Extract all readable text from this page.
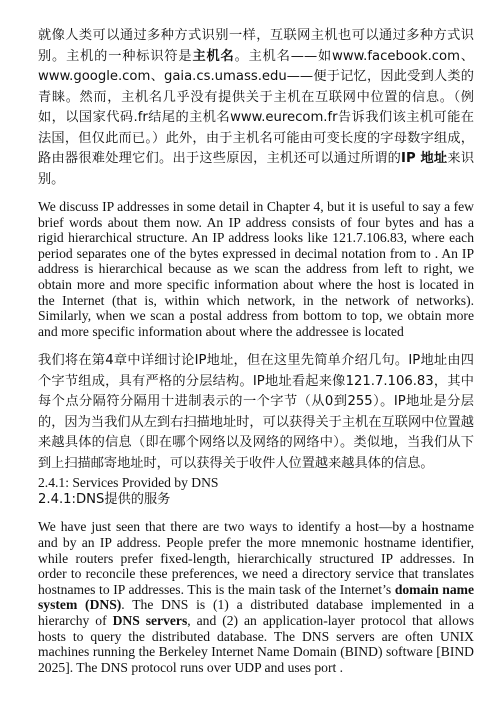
就像人类可以通过多种方式识别一样，互联网主机也可以通过多种方式识别。主机的一种标识符是主机名。主机名——如www.facebook.com、www.google.com、gaia.cs.umass.edu——便于记忆，因此受到人类的青睐。然而，主机名几乎没有提供关于主机在互联网中位置的信息。（例如，以国家代码.fr结尾的主机名www.eurecom.fr告诉我们该主机可能在法国，但仅此而已。）此外，由于主机名可能由可变长度的字母数字组成，路由器很难处理它们。出于这些原因，主机还可以通过所谓的IP 地址来识别。

We discuss IP addresses in some detail in Chapter 4, but it is useful to say a few brief words about them now. An IP address consists of four bytes and has a rigid hierarchical structure. An IP address looks like 121.7.106.83, where each period separates one of the bytes expressed in decimal notation from to . An IP address is hierarchical because as we scan the address from left to right, we obtain more and more specific information about where the host is located in the Internet (that is, within which network, in the network of networks). Similarly, when we scan a postal address from bottom to top, we obtain more and more specific information about where the addressee is located

我们将在第4章中详细讨论IP地址，但在这里先简单介绍几句。IP地址由四个字节组成，具有严格的分层结构。IP地址看起来像121.7.106.83，其中每个点分隔符分隔用十进制表示的一个字节（从0到255）。IP地址是分层的，因为当我们从左到右扫描地址时，可以获得关于主机在互联网中位置越来越具体的信息（即在哪个网络以及网络的网络中）。类似地，当我们从下到上扫描邮寄地址时，可以获得关于收件人位置越来越具体的信息。

2.4.1: Services Provided by DNS

2.4.1:DNS提供的服务

We have just seen that there are two ways to identify a host—by a hostname and by an IP address. People prefer the more mnemonic hostname identifier, while routers prefer fixed-length, hierarchically structured IP addresses. In order to reconcile these preferences, we need a directory service that translates hostnames to IP addresses. This is the main task of the Internet’s domain name system (DNS). The DNS is (1) a distributed database implemented in a hierarchy of DNS servers, and (2) an application-layer protocol that allows hosts to query the distributed database. The DNS servers are often UNIX machines running the Berkeley Internet Name Domain (BIND) software [BIND 2025]. The DNS protocol runs over UDP and uses port .
